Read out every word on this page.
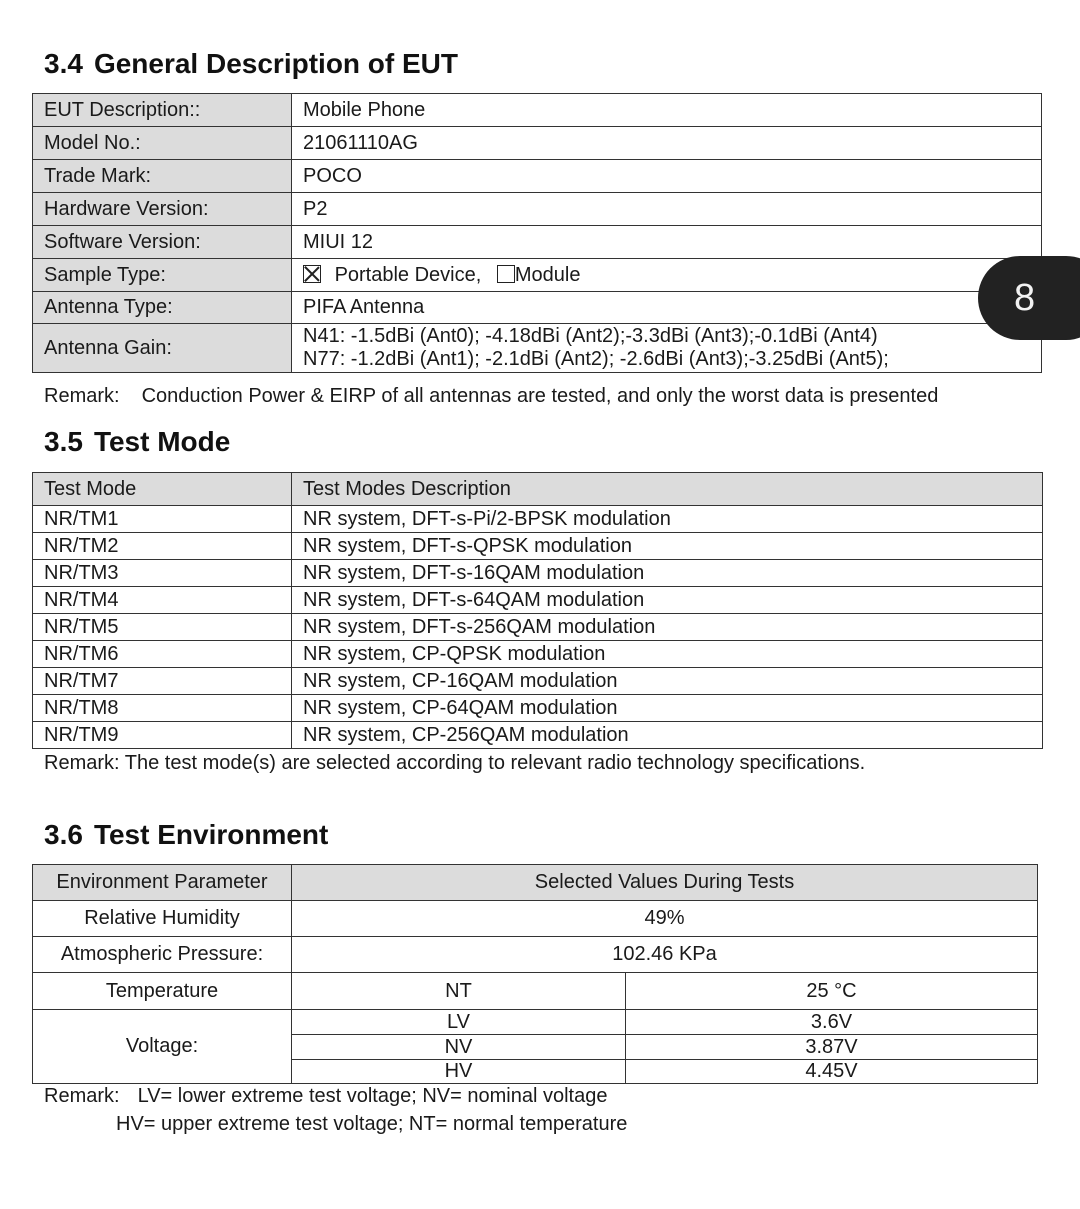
3.4 General Description of EUT
EUT Description::	Mobile Phone
Model No.:	21061110AG
Trade Mark:	POCO
Hardware Version:	P2
Software Version:	MIUI 12
Sample Type:	Portable Device, Module
Antenna Type:	PIFA Antenna
Antenna Gain:	N41: -1.5dBi (Ant0); -4.18dBi (Ant2);-3.3dBi (Ant3);-0.1dBi (Ant4)
N77: -1.2dBi (Ant1); -2.1dBi (Ant2); -2.6dBi (Ant3);-3.25dBi (Ant5);

Remark: Conduction Power & EIRP of all antennas are tested, and only the worst data is presented

8
3.5 Test Mode
Test Mode	Test Modes Description
NR/TM1	NR system, DFT-s-Pi/2-BPSK modulation
NR/TM2	NR system, DFT-s-QPSK modulation
NR/TM3	NR system, DFT-s-16QAM modulation
NR/TM4	NR system, DFT-s-64QAM modulation
NR/TM5	NR system, DFT-s-256QAM modulation
NR/TM6	NR system, CP-QPSK modulation
NR/TM7	NR system, CP-16QAM modulation
NR/TM8	NR system, CP-64QAM modulation
NR/TM9	NR system, CP-256QAM modulation

Remark: The test mode(s) are selected according to relevant radio technology specifications.

3.6 Test Environment
Environment Parameter	Selected Values During Tests	
Relative Humidity	49%	
Atmospheric Pressure:	102.46 KPa	
Temperature	NT	25 °C
Voltage:	LV	3.6V
	NV	3.87V
	HV	4.45V

Remark: LV= lower extreme test voltage; NV= nominal voltage

HV= upper extreme test voltage; NT= normal temperature
